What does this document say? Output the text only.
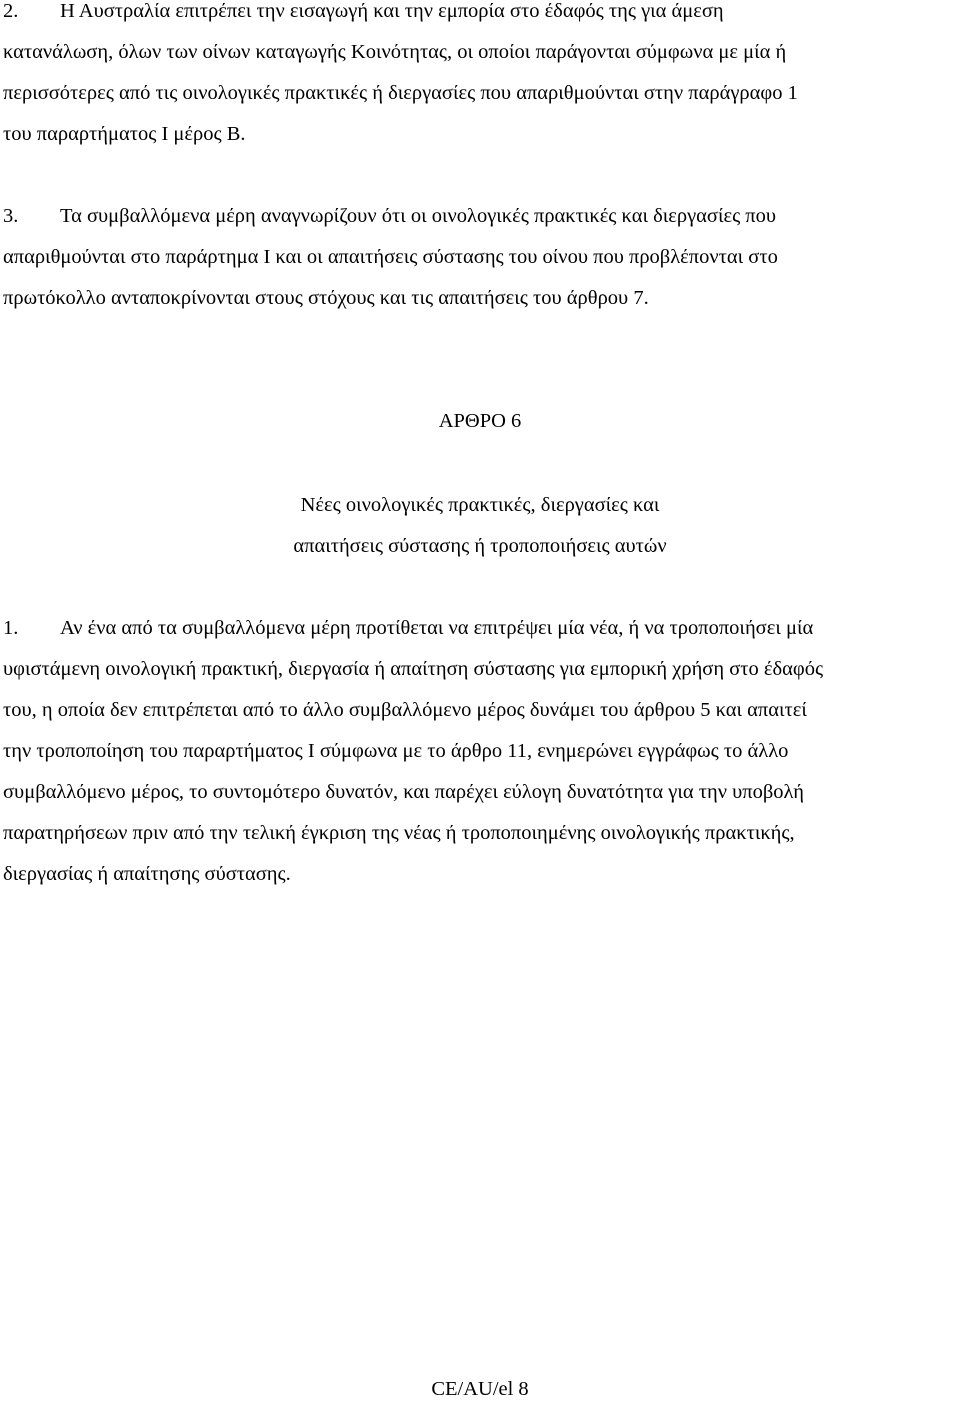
2. Η Αυστραλία επιτρέπει την εισαγωγή και την εμπορία στο έδαφός της για άμεση
κατανάλωση, όλων των οίνων καταγωγής Κοινότητας, οι οποίοι παράγονται σύμφωνα με μία ή
περισσότερες από τις οινολογικές πρακτικές ή διεργασίες που απαριθμούνται στην παράγραφο 1
του παραρτήματος Ι μέρος Β.
3. Τα συμβαλλόμενα μέρη αναγνωρίζουν ότι οι οινολογικές πρακτικές και διεργασίες που
απαριθμούνται στο παράρτημα Ι και οι απαιτήσεις σύστασης του οίνου που προβλέπονται στο
πρωτόκολλο ανταποκρίνονται στους στόχους και τις απαιτήσεις του άρθρου 7.
ΑΡΘΡΟ 6
Νέες οινολογικές πρακτικές, διεργασίες και
απαιτήσεις σύστασης ή τροποποιήσεις αυτών
1. Αν ένα από τα συμβαλλόμενα μέρη προτίθεται να επιτρέψει μία νέα, ή να τροποποιήσει μία
υφιστάμενη οινολογική πρακτική, διεργασία ή απαίτηση σύστασης για εμπορική χρήση στο έδαφός
του, η οποία δεν επιτρέπεται από το άλλο συμβαλλόμενο μέρος δυνάμει του άρθρου 5 και απαιτεί
την τροποποίηση του παραρτήματος Ι σύμφωνα με το άρθρο 11, ενημερώνει εγγράφως το άλλο
συμβαλλόμενο μέρος, το συντομότερο δυνατόν, και παρέχει εύλογη δυνατότητα για την υποβολή
παρατηρήσεων πριν από την τελική έγκριση της νέας ή τροποποιημένης οινολογικής πρακτικής,
διεργασίας ή απαίτησης σύστασης.
CE/AU/el 8
